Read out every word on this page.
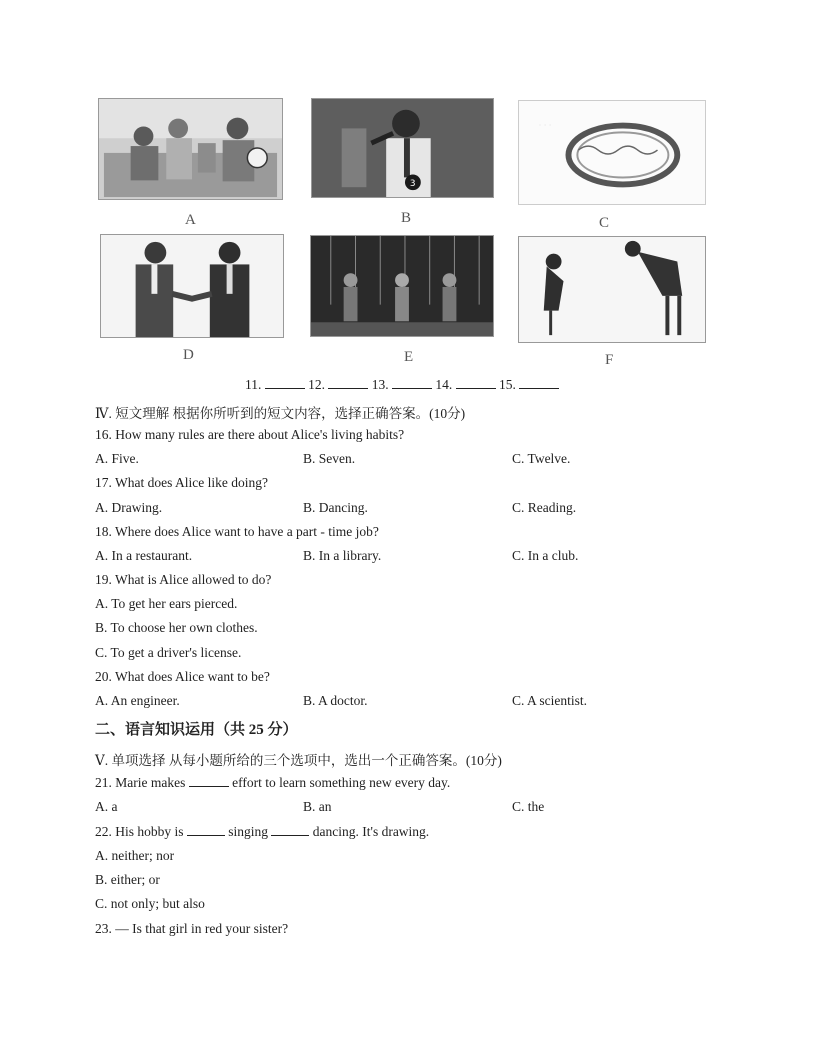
A
3
B
. . .
C
D	E	F
11.	12.	13.	14.	15.
Ⅳ. 短文理解 根据你所听到的短文内容，选择正确答案。(10分)
16. How many rules are there about Alice's living habits?
A. Five.	B. Seven.	C. Twelve.
17. What does Alice like doing?
A. Drawing.	B. Dancing.	C. Reading.
18. Where does Alice want to have a part - time job?
A. In a restaurant.	B. In a library.	C. In a club.
19. What is Alice allowed to do?
A. To get her ears pierced.
B. To choose her own clothes.
C. To get a driver's license.
20. What does Alice want to be?
A. An engineer.	B. A doctor.	C. A scientist.
二、语言知识运用（共 25 分）
Ⅴ. 单项选择 从每小题所给的三个选项中，选出一个正确答案。(10分)
21. Marie makes	effort to learn something new every day.
A. a	B. an	C. the
22. His hobby is	singing	dancing. It's drawing.
A. neither; nor
B. either; or
C. not only; but also
23. — Is that girl in red your sister?
